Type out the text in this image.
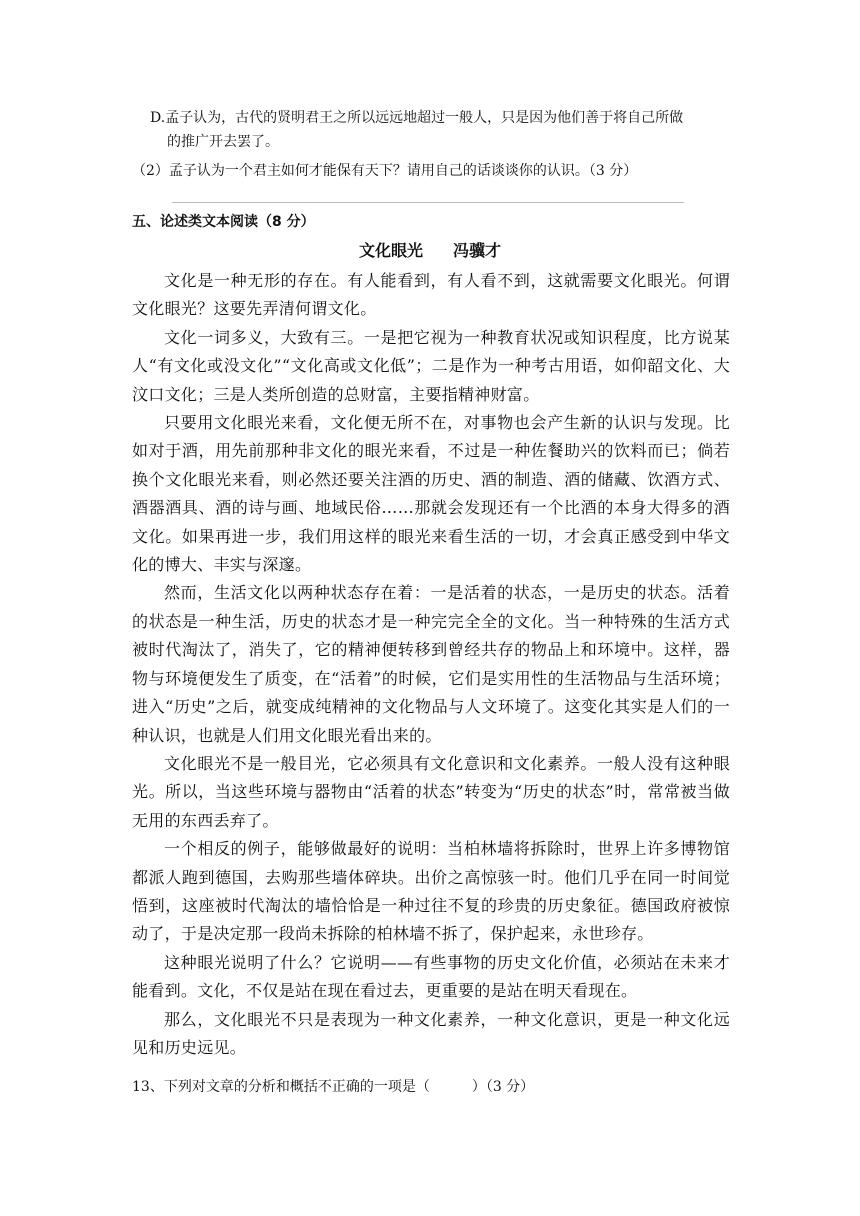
D.孟子认为，古代的贤明君王之所以远远地超过一般人，只是因为他们善于将自己所做
的推广开去罢了。
（2）孟子认为一个君主如何才能保有天下？请用自己的话谈谈你的认识。（3 分）
五、论述类文本阅读（8 分）
文化眼光 冯骥才

文化是一种无形的存在。有人能看到，有人看不到，这就需要文化眼光。何谓文化眼光？这要先弄清何谓文化。

文化一词多义，大致有三。一是把它视为一种教育状况或知识程度，比方说某人“有文化或没文化”“文化高或文化低”；二是作为一种考古用语，如仰韶文化、大汶口文化；三是人类所创造的总财富，主要指精神财富。

只要用文化眼光来看，文化便无所不在，对事物也会产生新的认识与发现。比如对于酒，用先前那种非文化的眼光来看，不过是一种佐餐助兴的饮料而已；倘若换个文化眼光来看，则必然还要关注酒的历史、酒的制造、酒的储藏、饮酒方式、酒器酒具、酒的诗与画、地域民俗……那就会发现还有一个比酒的本身大得多的酒文化。如果再进一步，我们用这样的眼光来看生活的一切，才会真正感受到中华文化的博大、丰实与深邃。

然而，生活文化以两种状态存在着：一是活着的状态，一是历史的状态。活着的状态是一种生活，历史的状态才是一种完完全全的文化。当一种特殊的生活方式被时代淘汰了，消失了，它的精神便转移到曾经共存的物品上和环境中。这样，器物与环境便发生了质变，在“活着”的时候，它们是实用性的生活物品与生活环境；进入“历史”之后，就变成纯精神的文化物品与人文环境了。这变化其实是人们的一种认识，也就是人们用文化眼光看出来的。

文化眼光不是一般目光，它必须具有文化意识和文化素养。一般人没有这种眼光。所以，当这些环境与器物由“活着的状态”转变为“历史的状态”时，常常被当做无用的东西丢弃了。

一个相反的例子，能够做最好的说明：当柏林墙将拆除时，世界上许多博物馆都派人跑到德国，去购那些墙体碎块。出价之高惊骇一时。他们几乎在同一时间觉悟到，这座被时代淘汰的墙恰恰是一种过往不复的珍贵的历史象征。德国政府被惊动了，于是决定那一段尚未拆除的柏林墙不拆了，保护起来，永世珍存。

这种眼光说明了什么？它说明——有些事物的历史文化价值，必须站在未来才能看到。文化，不仅是站在现在看过去，更重要的是站在明天看现在。

那么，文化眼光不只是表现为一种文化素养，一种文化意识，更是一种文化远见和历史远见。

13、下列对文章的分析和概括不正确的一项是（　　　）（3 分）
